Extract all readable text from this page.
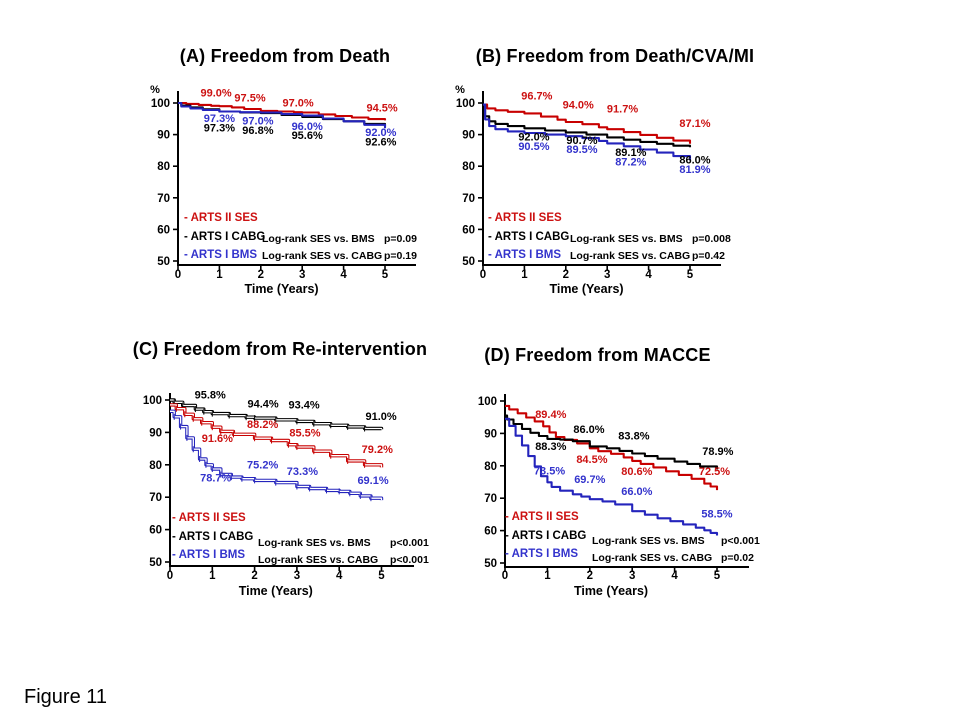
(A) Freedom from Death
50
60
70
80
90
100
0	1	2	3	4	5
%
Time (Years)
99.0% 97.5% 97.0%	94.5%
97.3%
97.3%
97.0%
96.8% 96.0%
95.6%	92.0%
92.6%
- ARTS II SES
- ARTS I CABG
- ARTS I BMS
Log-rank SES vs. BMS p=0.09
Log-rank SES vs. CABG p=0.19
(B) Freedom from Death/CVA/MI
50
60
70
80
90
100
0	1	2	3	4	5
%
Time (Years)
96.7%
94.0% 91.7%
87.1%
92.0%
90.5%
90.7%
89.5% 89.1%
87.2%	86.0%
81.9%
- ARTS II SES
- ARTS I CABG
- ARTS I BMS
Log-rank SES vs. BMS p=0.008
Log-rank SES vs. CABG p=0.42
(C) Freedom from Re-intervention
50
60
70
80
90
100
0	1	2	3	4	5
Time (Years)
95.8%
94.4% 93.4%
91.0%
91.6%
88.2%
85.5%
79.2%
78.7%
75.2%
73.3%
69.1%
- ARTS II SES
- ARTS I CABG
- ARTS I BMS
Log-rank SES vs. BMS p<0.001
Log-rank SES vs. CABG p<0.001
(D) Freedom from MACCE
50
60
70
80
90
100
0	1	2	3	4	5
Time (Years)
89.4%
86.0%
83.8%
78.9%
88.3%
84.5%
80.6%	72.5%
73.5%
69.7%
66.0%
58.5%
- ARTS II SES
- ARTS I CABG
- ARTS I BMS
Log-rank SES vs. BMS p<0.001
Log-rank SES vs. CABG p=0.02
Figure 11
